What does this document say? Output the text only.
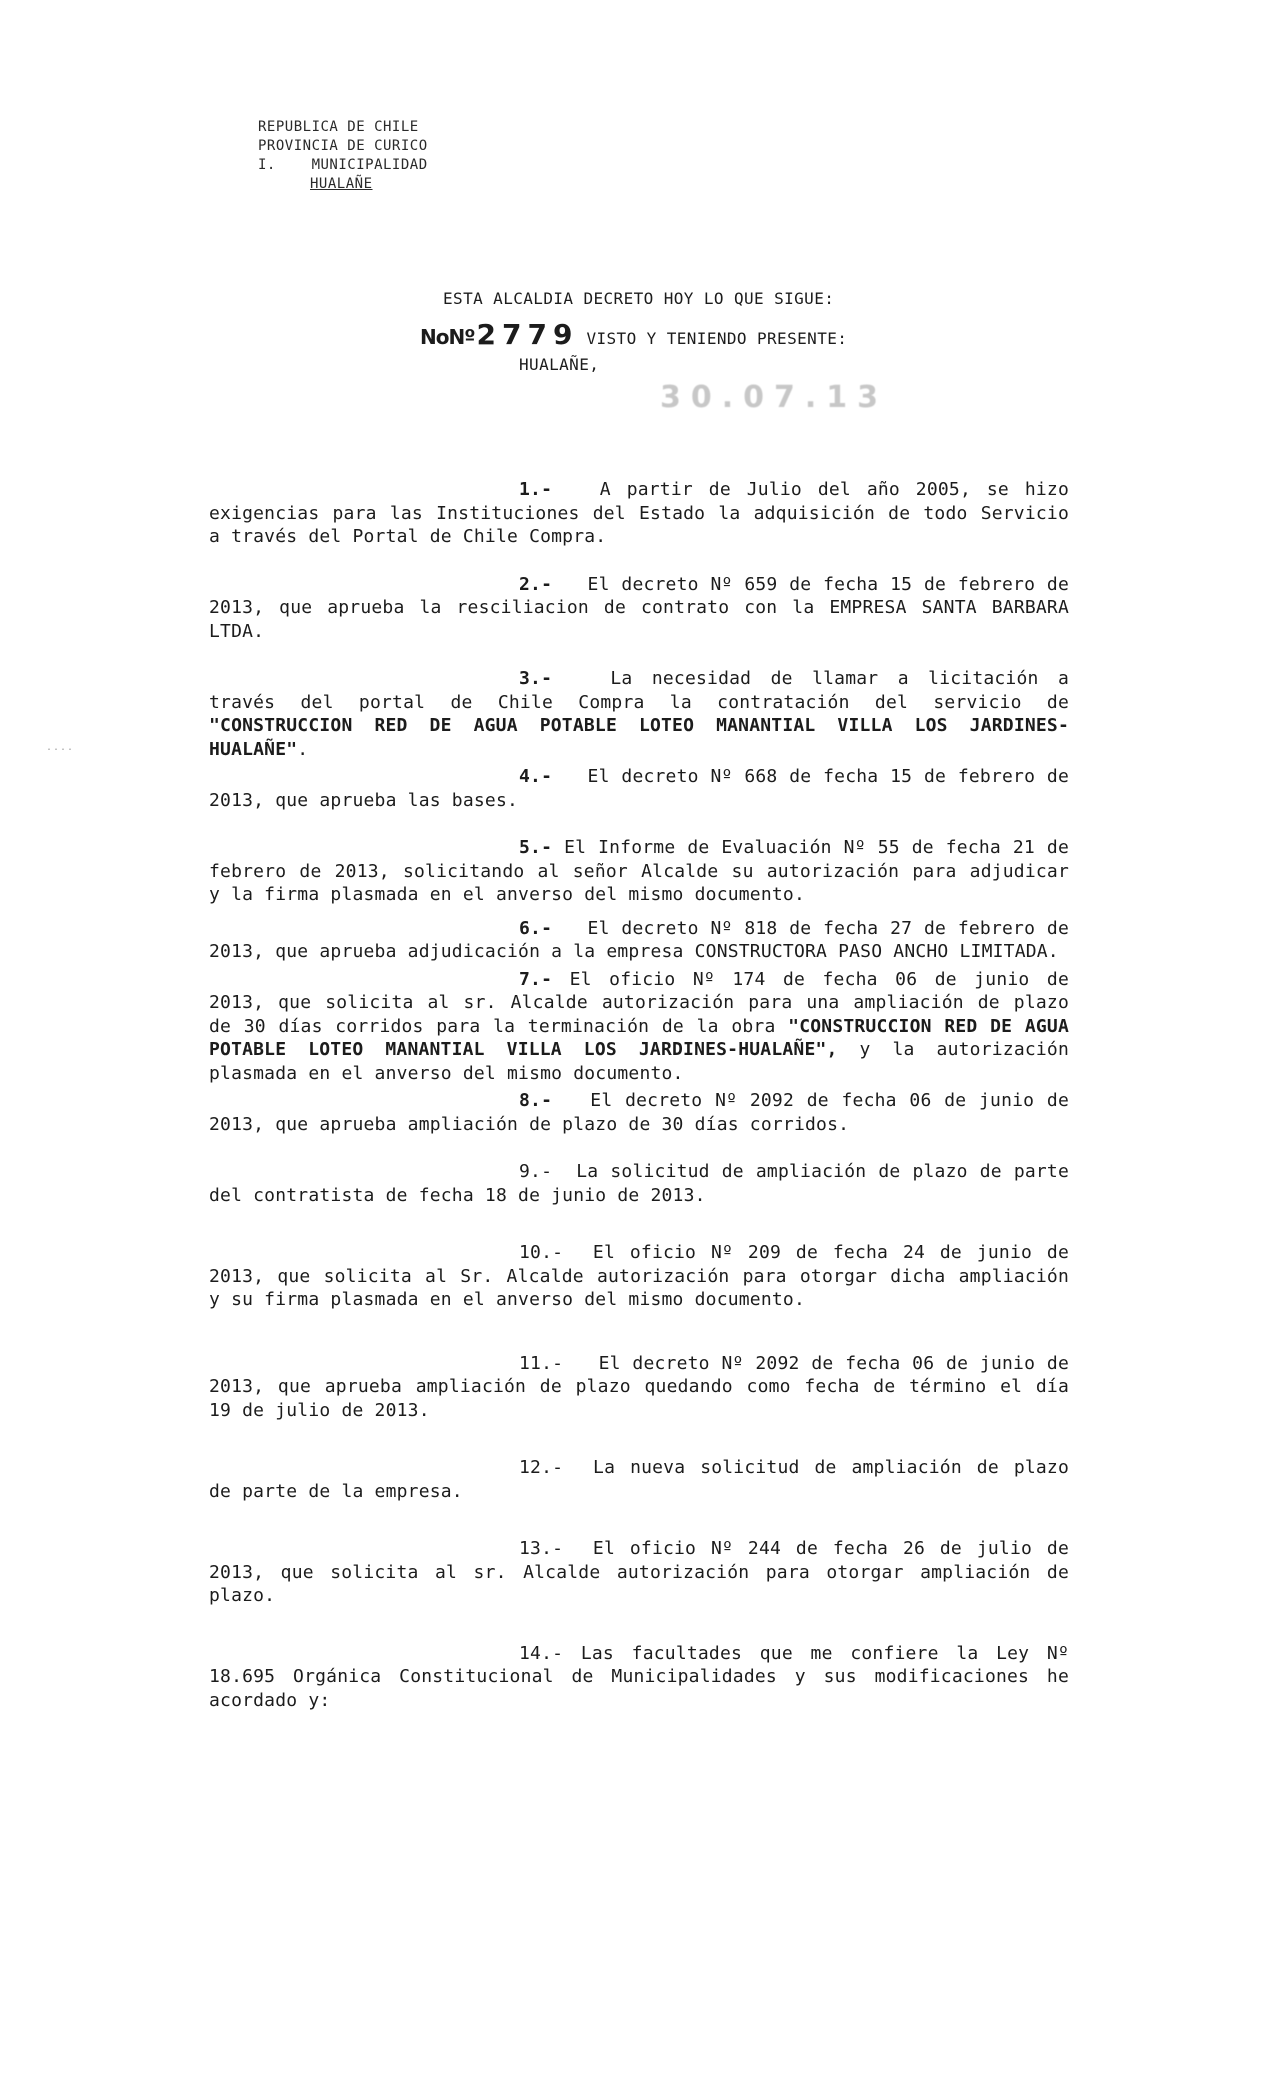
REPUBLICA DE CHILE
PROVINCIA DE CURICO
I.    MUNICIPALIDAD
HUALAÑE
ESTA ALCALDIA DECRETO HOY LO QUE SIGUE:
NoNº2779 VISTO Y TENIENDO PRESENTE:
HUALAÑE,
30.07.13
....

1.-	A partir de Julio del año 2005, se hizo exigencias para las Instituciones del Estado la adquisición de todo Servicio a través del Portal de Chile Compra.

2.- El decreto Nº 659 de fecha 15 de febrero de 2013, que aprueba la resciliacion de contrato con la EMPRESA SANTA BARBARA LTDA.

3.-	La necesidad de llamar a licitación a través del portal de Chile Compra la contratación del servicio de "CONSTRUCCION RED DE AGUA POTABLE LOTEO MANANTIAL VILLA LOS JARDINES-HUALAÑE".

4.- El decreto Nº 668 de fecha 15 de febrero de 2013, que aprueba las bases.

5.- El Informe de Evaluación Nº 55 de fecha 21 de febrero de 2013, solicitando al señor Alcalde su autorización para adjudicar y la firma plasmada en el anverso del mismo documento.

6.- El decreto Nº 818 de fecha 27 de febrero de 2013, que aprueba adjudicación a la empresa CONSTRUCTORA PASO ANCHO LIMITADA.

7.- El oficio Nº 174 de fecha 06 de junio de 2013, que solicita al sr. Alcalde autorización para una ampliación de plazo de 30 días corridos para la terminación de la obra "CONSTRUCCION RED DE AGUA POTABLE LOTEO MANANTIAL VILLA LOS JARDINES-HUALAÑE", y la autorización plasmada en el anverso del mismo documento.

8.- El decreto Nº 2092 de fecha 06 de junio de 2013, que aprueba ampliación de plazo de 30 días corridos.

9.- La solicitud de ampliación de plazo de parte del contratista de fecha 18 de junio de 2013.

10.- El oficio Nº 209 de fecha 24 de junio de 2013, que solicita al Sr. Alcalde autorización para otorgar dicha ampliación y su firma plasmada en el anverso del mismo documento.

11.- El decreto Nº 2092 de fecha 06 de junio de 2013, que aprueba ampliación de plazo quedando como fecha de término el día 19 de julio de 2013.

12.- La nueva solicitud de ampliación de plazo de parte de la empresa.

13.- El oficio Nº 244 de fecha 26 de julio de 2013, que solicita al sr. Alcalde autorización para otorgar ampliación de plazo.

14.- Las facultades que me confiere la Ley Nº 18.695 Orgánica Constitucional de Municipalidades y sus modificaciones he acordado y:
